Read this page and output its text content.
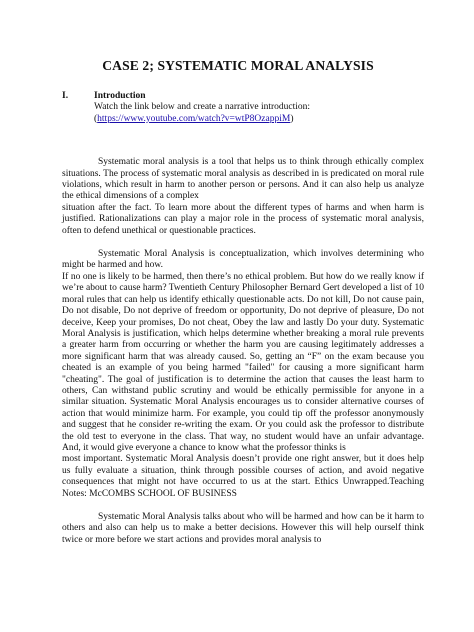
CASE 2; SYSTEMATIC MORAL ANALYSIS
I.	Introduction
Watch the link below and create a narrative introduction:
(https://www.youtube.com/watch?v=wtP8OzappiM)

Systematic moral analysis is a tool that helps us to think through ethically complex situations. The process of systematic moral analysis as described in is predicated on moral rule violations, which result in harm to another person or persons. And it can also help us analyze the ethical dimensions of a complex
situation after the fact. To learn more about the different types of harms and when harm is justified. Rationalizations can play a major role in the process of systematic moral analysis, often to defend unethical or questionable practices.

Systematic Moral Analysis is conceptualization, which involves determining who might be harmed and how.
If no one is likely to be harmed, then there’s no ethical problem. But how do we really know if we’re about to cause harm? Twentieth Century Philosopher Bernard Gert developed a list of 10 moral rules that can help us identify ethically questionable acts. Do not kill, Do not cause pain, Do not disable, Do not deprive of freedom or opportunity, Do not deprive of pleasure, Do not deceive, Keep your promises, Do not cheat, Obey the law and lastly Do your duty. Systematic Moral Analysis is justification, which helps determine whether breaking a moral rule prevents a greater harm from occurring or whether the harm you are causing legitimately addresses a more significant harm that was already caused. So, getting an “F” on the exam because you cheated is an example of you being harmed "failed" for causing a more significant harm "cheating". The goal of justification is to determine the action that causes the least harm to others, Can withstand public scrutiny and would be ethically permissible for anyone in a similar situation. Systematic Moral Analysis encourages us to consider alternative courses of action that would minimize harm. For example, you could tip off the professor anonymously and suggest that he consider re-writing the exam. Or you could ask the professor to distribute the old test to everyone in the class. That way, no student would have an unfair advantage. And, it would give everyone a chance to know what the professor thinks is
most important. Systematic Moral Analysis doesn’t provide one right answer, but it does help us fully evaluate a situation, think through possible courses of action, and avoid negative consequences that might not have occurred to us at the start. Ethics Unwrapped.Teaching Notes: McCOMBS SCHOOL OF BUSINESS

Systematic Moral Analysis talks about who will be harmed and how can be it harm to others and also can help us to make a better decisions. However this will help ourself think twice or more before we start actions and provides moral analysis to
